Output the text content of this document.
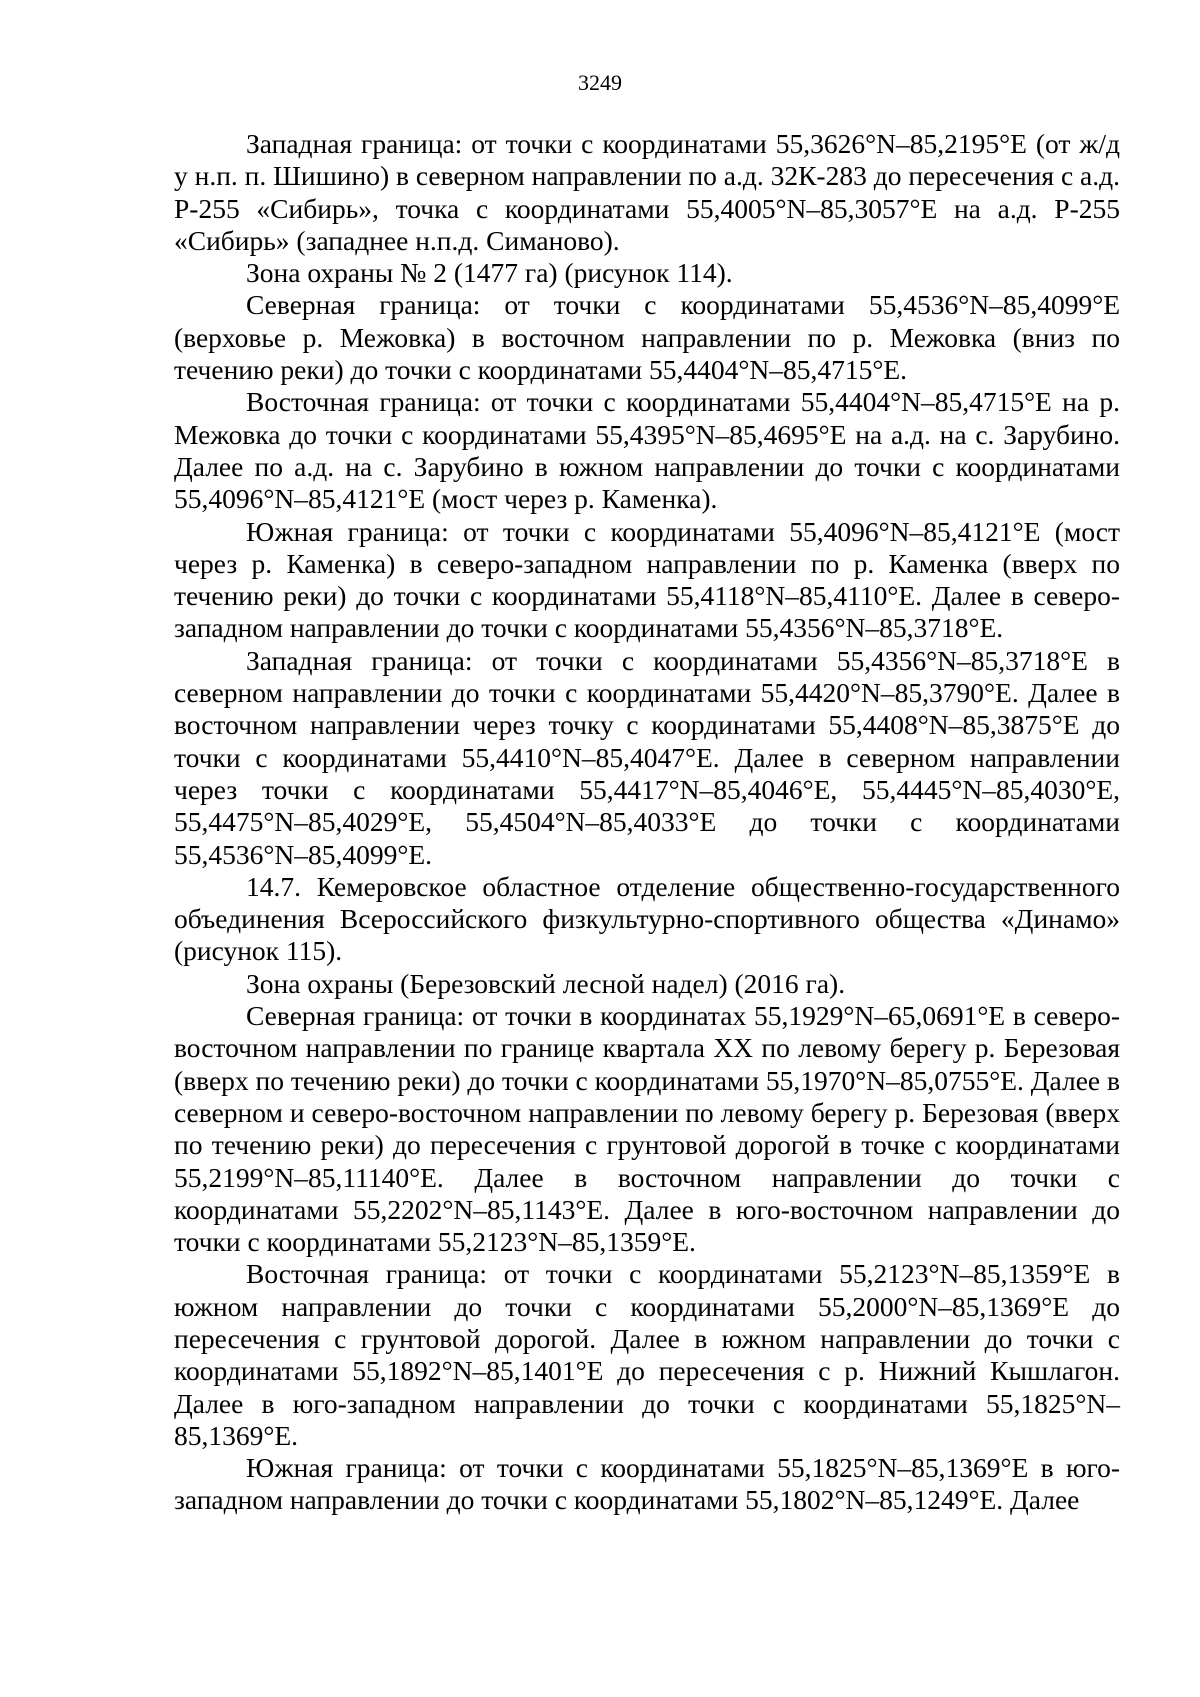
3249

Западная граница: от точки с координатами 55,3626°N–85,2195°E (от ж/д у н.п. п. Шишино) в северном направлении по а.д. 32К-283 до пересечения с а.д. Р-255 «Сибирь», точка с координатами 55,4005°N–85,3057°E на а.д. Р-255 «Сибирь» (западнее н.п.д. Симаново).

Зона охраны № 2 (1477 га) (рисунок 114).

Северная граница: от точки с координатами 55,4536°N–85,4099°E (верховье р. Межовка) в восточном направлении по р. Межовка (вниз по течению реки) до точки с координатами 55,4404°N–85,4715°E.

Восточная граница: от точки с координатами 55,4404°N–85,4715°E на р. Межовка до точки с координатами 55,4395°N–85,4695°E на а.д. на с. Зарубино. Далее по а.д. на с. Зарубино в южном направлении до точки с координатами 55,4096°N–85,4121°E (мост через р. Каменка).

Южная граница: от точки с координатами 55,4096°N–85,4121°E (мост через р. Каменка) в северо-западном направлении по р. Каменка (вверх по течению реки) до точки с координатами 55,4118°N–85,4110°E. Далее в северо-западном направлении до точки с координатами 55,4356°N–85,3718°E.

Западная граница: от точки с координатами 55,4356°N–85,3718°E в северном направлении до точки с координатами 55,4420°N–85,3790°E. Далее в восточном направлении через точку с координатами 55,4408°N–85,3875°E до точки с координатами 55,4410°N–85,4047°E. Далее в северном направлении через точки с координатами 55,4417°N–85,4046°E, 55,4445°N–85,4030°E, 55,4475°N–85,4029°E, 55,4504°N–85,4033°E до точки с координатами 55,4536°N–85,4099°E.

14.7. Кемеровское областное отделение общественно-государственного объединения Всероссийского физкультурно-спортивного общества «Динамо» (рисунок 115).

Зона охраны (Березовский лесной надел) (2016 га).

Северная граница: от точки в координатах 55,1929°N–65,0691°E в северо-восточном направлении по границе квартала XX по левому берегу р. Березовая (вверх по течению реки) до точки с координатами 55,1970°N–85,0755°E. Далее в северном и северо-восточном направлении по левому берегу р. Березовая (вверх по течению реки) до пересечения с грунтовой дорогой в точке с координатами 55,2199°N–85,11140°E. Далее в восточном направлении до точки с координатами 55,2202°N–85,1143°E. Далее в юго-восточном направлении до точки с координатами 55,2123°N–85,1359°E.

Восточная граница: от точки с координатами 55,2123°N–85,1359°E в южном направлении до точки с координатами 55,2000°N–85,1369°E до пересечения с грунтовой дорогой. Далее в южном направлении до точки с координатами 55,1892°N–85,1401°E до пересечения с р. Нижний Кышлагон. Далее в юго-западном направлении до точки с координатами 55,1825°N–85,1369°E.

Южная граница: от точки с координатами 55,1825°N–85,1369°E в юго-западном направлении до точки с координатами 55,1802°N–85,1249°E. Далее
